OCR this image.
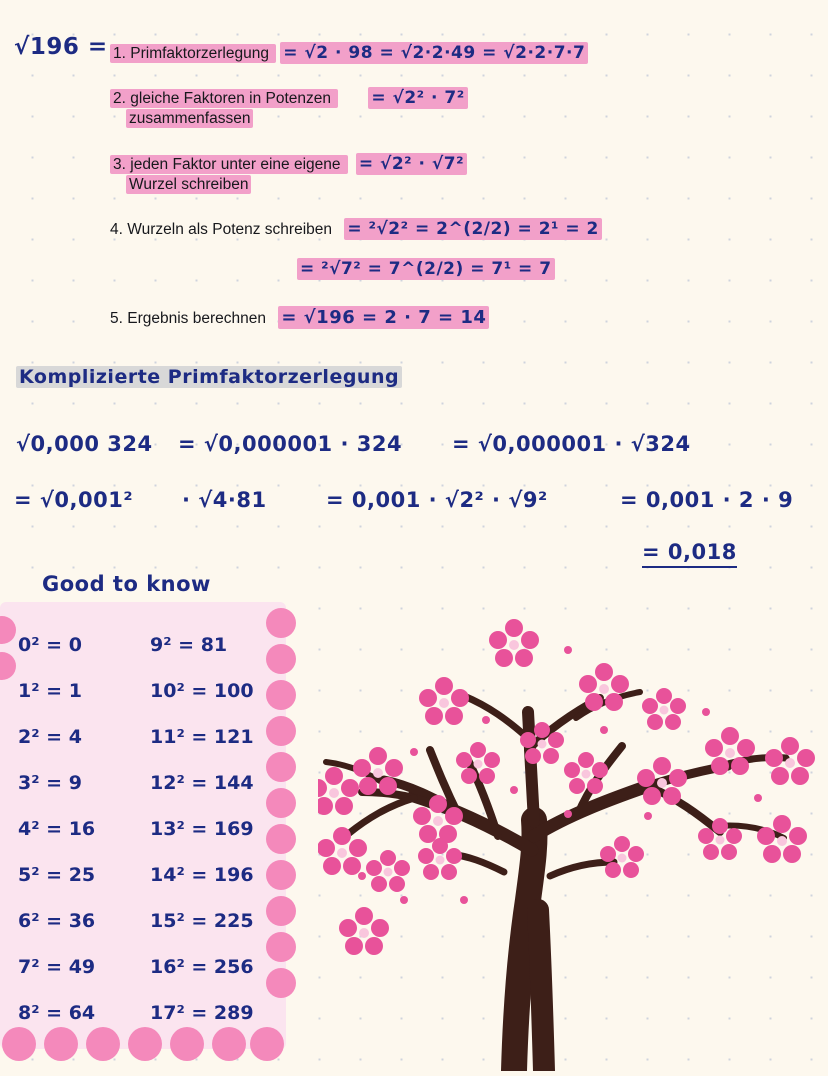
√196 = 1. Primfaktorzerlegung = √2 · 98 = √2·2·49 = √2·2·7·7
2. gleiche Faktoren in Potenzen = √2² · 7²
zusammenfassen
3. jeden Faktor unter eine eigene = √2² · √7²
Wurzel schreiben
4. Wurzeln als Potenz schreiben = ²√2² = 2^(2/2) = 2¹ = 2
= ²√7² = 7^(2/2) = 7¹ = 7
5. Ergebnis berechnen = √196 = 2 · 7 = 14
Komplizierte Primfaktorzerlegung
√0,000 324 = √0,000001 · 324 = √0,000001 · √324
= √0,001² · √4·81	= 0,001 · √2² · √9²	= 0,001 · 2 · 9
= 0,018
Good to know
0² = 0
1² = 1
2² = 4
3² = 9
4² = 16
5² = 25
6² = 36
7² = 49
8² = 64
9² = 81
10² = 100
11² = 121
12² = 144
13² = 169
14² = 196
15² = 225
16² = 256
17² = 289
